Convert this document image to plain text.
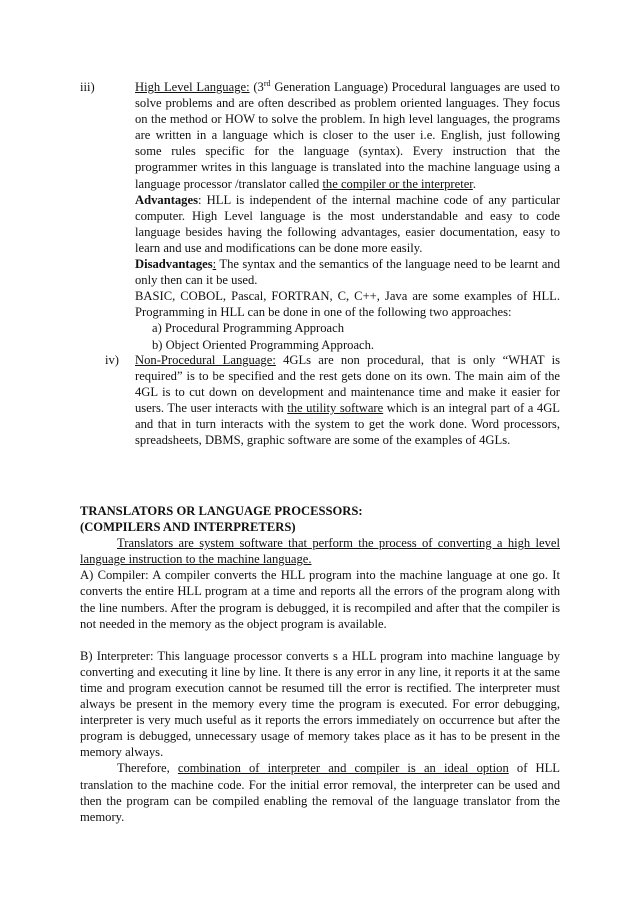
iii)	High Level Language: (3rd Generation Language) Procedural languages are used to solve problems and are often described as problem oriented languages. They focus on the method or HOW to solve the problem. In high level languages, the programs are written in a language which is closer to the user i.e. English, just following some rules specific for the language (syntax). Every instruction that the programmer writes in this language is translated into the machine language using a language processor /translator called the compiler or the interpreter.

Advantages: HLL is independent of the internal machine code of any particular computer. High Level language is the most understandable and easy to code language besides having the following advantages, easier documentation, easy to learn and use and modifications can be done more easily.

Disadvantages: The syntax and the semantics of the language need to be learnt and only then can it be used.

BASIC, COBOL, Pascal, FORTRAN, C, C++, Java are some examples of HLL. Programming in HLL can be done in one of the following two approaches:

a) Procedural Programming Approach

b) Object Oriented Programming Approach.

iv) Non-Procedural Language: 4GLs are non procedural, that is only “WHAT is required” is to be specified and the rest gets done on its own. The main aim of the 4GL is to cut down on development and maintenance time and make it easier for users. The user interacts with the utility software which is an integral part of a 4GL and that in turn interacts with the system to get the work done. Word processors, spreadsheets, DBMS, graphic software are some of the examples of 4GLs.

TRANSLATORS OR LANGUAGE PROCESSORS:

(COMPILERS AND INTERPRETERS)

Translators are system software that perform the process of converting a high level language instruction to the machine language.

A) Compiler: A compiler converts the HLL program into the machine language at one go. It converts the entire HLL program at a time and reports all the errors of the program along with the line numbers. After the program is debugged, it is recompiled and after that the compiler is not needed in the memory as the object program is available.

B) Interpreter: This language processor converts s a HLL program into machine language by converting and executing it line by line. It there is any error in any line, it reports it at the same time and program execution cannot be resumed till the error is rectified. The interpreter must always be present in the memory every time the program is executed. For error debugging, interpreter is very much useful as it reports the errors immediately on occurrence but after the program is debugged, unnecessary usage of memory takes place as it has to be present in the memory always.

Therefore, combination of interpreter and compiler is an ideal option of HLL translation to the machine code. For the initial error removal, the interpreter can be used and then the program can be compiled enabling the removal of the language translator from the memory.
